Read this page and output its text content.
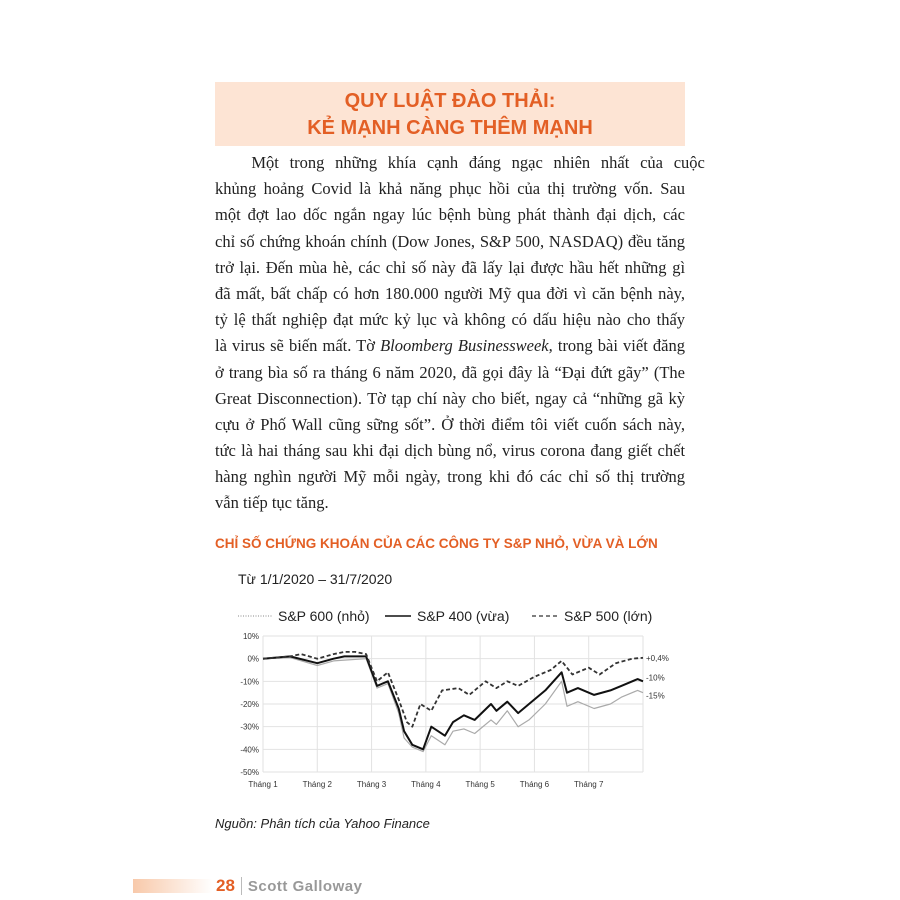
QUY LUẬT ĐÀO THẢI:
KẺ MẠNH CÀNG THÊM MẠNH
Một trong những khía cạnh đáng ngạc nhiên nhất của cuộc
khủng hoảng Covid là khả năng phục hồi của thị trường vốn. Sau
một đợt lao dốc ngắn ngay lúc bệnh bùng phát thành đại dịch, các
chỉ số chứng khoán chính (Dow Jones, S&P 500, NASDAQ) đều tăng
trở lại. Đến mùa hè, các chỉ số này đã lấy lại được hầu hết những gì
đã mất, bất chấp có hơn 180.000 người Mỹ qua đời vì căn bệnh này,
tỷ lệ thất nghiệp đạt mức kỷ lục và không có dấu hiệu nào cho thấy
là virus sẽ biến mất. Tờ Bloomberg Businessweek, trong bài viết đăng
ở trang bìa số ra tháng 6 năm 2020, đã gọi đây là “Đại đứt gãy” (The
Great Disconnection). Tờ tạp chí này cho biết, ngay cả “những gã kỳ
cựu ở Phố Wall cũng sững sốt”. Ở thời điểm tôi viết cuốn sách này,
tức là hai tháng sau khi đại dịch bùng nổ, virus corona đang giết chết
hàng nghìn người Mỹ mỗi ngày, trong khi đó các chỉ số thị trường
vẫn tiếp tục tăng.
CHỈ SỐ CHỨNG KHOÁN CỦA CÁC CÔNG TY S&P NHỎ, VỪA VÀ LỚN
Từ 1/1/2020 – 31/7/2020
S&P 600 (nhỏ)	S&P 400 (vừa)	S&P 500 (lớn)
10%
0%
-10%
-20%
-30%
-40%
-50%
Tháng 1	Tháng 2	Tháng 3	Tháng 4	Tháng 5	Tháng 6	Tháng 7
-15%
-10%
+0,4%
Nguồn: Phân tích của Yahoo Finance
28 Scott Galloway
